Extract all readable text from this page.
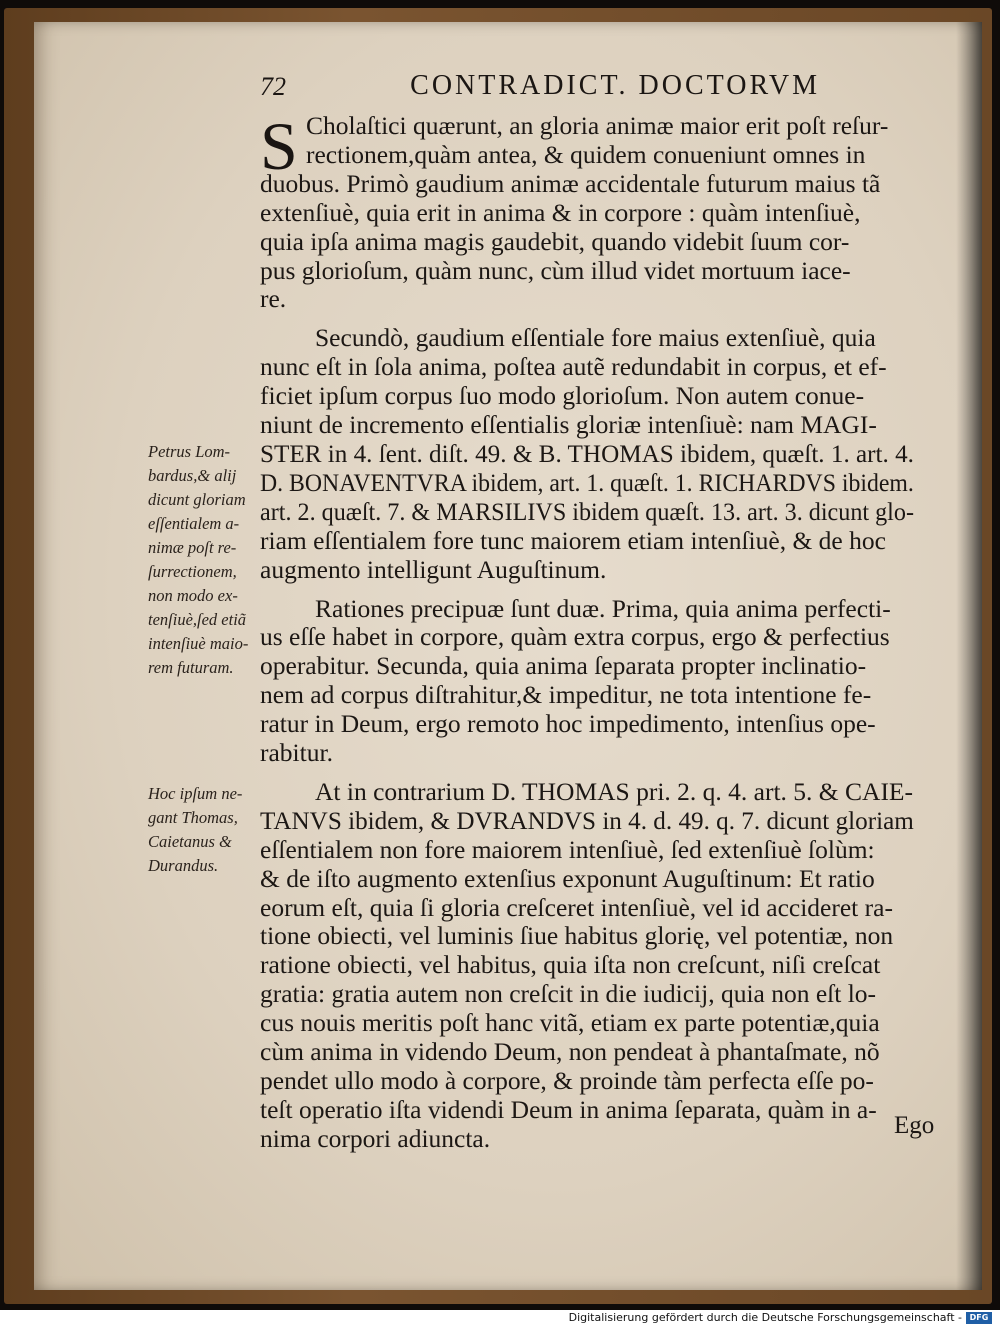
72	CONTRADICT. DOCTORVM

S Cholaſtici quærunt, an gloria animæ maior erit poſt reſur-
rectionem,quàm antea, & quidem conueniunt omnes in
duobus. Primò gaudium animæ accidentale futurum maius tã
extenſiuè, quia erit in anima & in corpore : quàm intenſiuè,
quia ipſa anima magis gaudebit, quando videbit ſuum cor-
pus glorioſum, quàm nunc, cùm illud videt mortuum iace-
re.

Secundò, gaudium eſſentiale fore maius extenſiuè, quia
nunc eſt in ſola anima, poſtea autẽ redundabit in corpus, et ef-
ficiet ipſum corpus ſuo modo glorioſum. Non autem conue-
niunt de incremento eſſentialis gloriæ intenſiuè: nam MAGI-
STER in 4. ſent. diſt. 49. & B. THOMAS ibidem, quæſt. 1. art. 4.
D. BONAVENTVRA ibidem, art. 1. quæſt. 1. RICHARDVS ibidem.
art. 2. quæſt. 7. & MARSILIVS ibidem quæſt. 13. art. 3. dicunt glo-
riam eſſentialem fore tunc maiorem etiam intenſiuè, & de hoc
augmento intelligunt Auguſtinum.

Rationes precipuæ ſunt duæ. Prima, quia anima perfecti-
us eſſe habet in corpore, quàm extra corpus, ergo & perfectius
operabitur. Secunda, quia anima ſeparata propter inclinatio-
nem ad corpus diſtrahitur,& impeditur, ne tota intentione fe-
ratur in Deum, ergo remoto hoc impedimento, intenſius ope-
rabitur.

At in contrarium D. THOMAS pri. 2. q. 4. art. 5. & CAIE-
TANVS ibidem, & DVRANDVS in 4. d. 49. q. 7. dicunt gloriam
eſſentialem non fore maiorem intenſiuè, ſed extenſiuè ſolùm:
& de iſto augmento extenſius exponunt Auguſtinum: Et ratio
eorum eſt, quia ſi gloria creſceret intenſiuè, vel id accideret ra-
tione obiecti, vel luminis ſiue habitus glorię, vel potentiæ, non
ratione obiecti, vel habitus, quia iſta non creſcunt, niſi creſcat
gratia: gratia autem non creſcit in die iudicij, quia non eſt lo-
cus nouis meritis poſt hanc vitã, etiam ex parte potentiæ,quia
cùm anima in videndo Deum, non pendeat à phantaſmate, nõ
pendet ullo modo à corpore, & proinde tàm perfecta eſſe po-
teſt operatio iſta videndi Deum in anima ſeparata, quàm in a-
nima corpori adiuncta.

Petrus Lom-
bardus,& alij
dicunt gloriam
eſſentialem a-
nimæ poſt re-
ſurrectionem,
non modo ex-
tenſiuè,ſed etiã
intenſiuè maio-
rem futuram.
Hoc ipſum ne-
gant Thomas,
Caietanus &
Durandus.
Ego
Digitalisierung gefördert durch die Deutsche Forschungsgemeinschaft - DFG
